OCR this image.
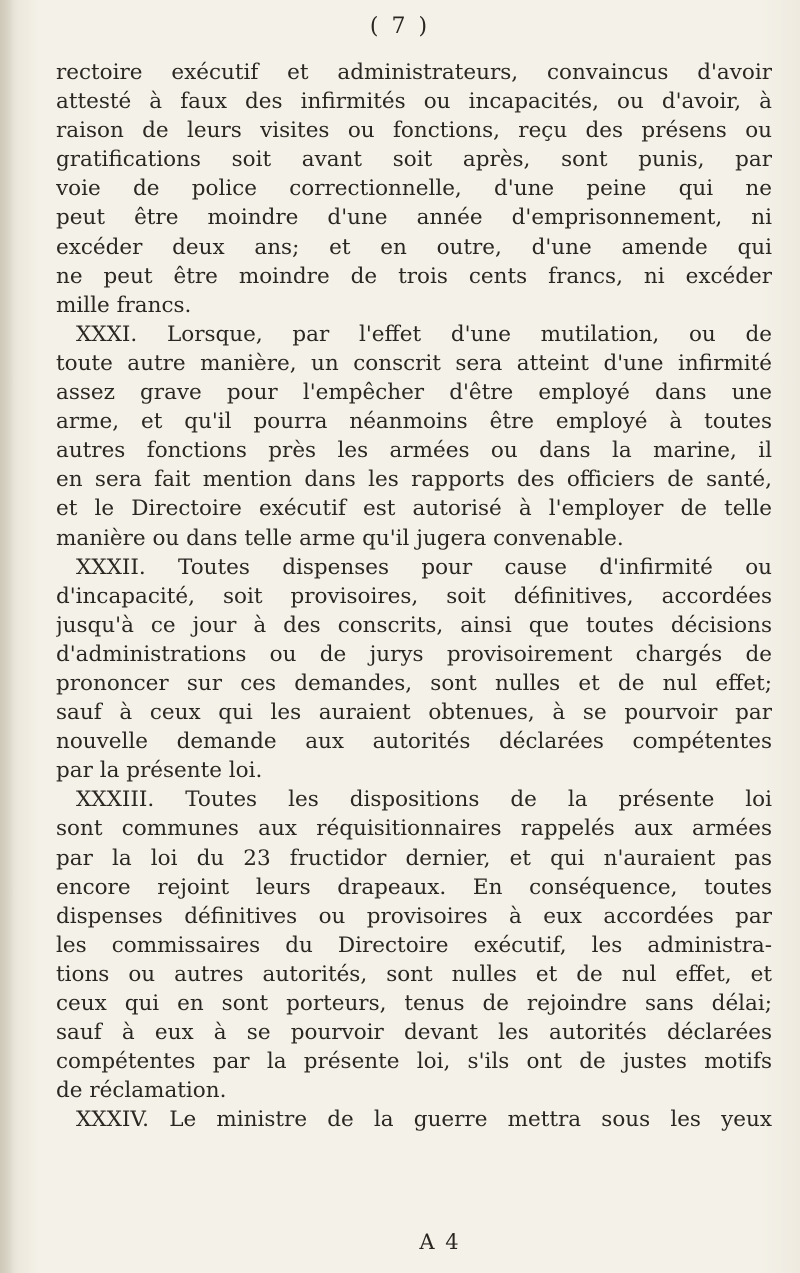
( 7 )
rectoire exécutif et administrateurs, convaincus d'avoir
attesté à faux des infirmités ou incapacités, ou d'avoir, à
raison de leurs visites ou fonctions, reçu des présens ou
gratifications soit avant soit après, sont punis, par
voie de police correctionnelle, d'une peine qui ne
peut être moindre d'une année d'emprisonnement, ni
excéder deux ans; et en outre, d'une amende qui
ne peut être moindre de trois cents francs, ni excéder
mille francs.
XXXI. Lorsque, par l'effet d'une mutilation, ou de
toute autre manière, un conscrit sera atteint d'une infirmité
assez grave pour l'empêcher d'être employé dans une
arme, et qu'il pourra néanmoins être employé à toutes
autres fonctions près les armées ou dans la marine, il
en sera fait mention dans les rapports des officiers de santé,
et le Directoire exécutif est autorisé à l'employer de telle
manière ou dans telle arme qu'il jugera convenable.
XXXII. Toutes dispenses pour cause d'infirmité ou
d'incapacité, soit provisoires, soit définitives, accordées
jusqu'à ce jour à des conscrits, ainsi que toutes décisions
d'administrations ou de jurys provisoirement chargés de
prononcer sur ces demandes, sont nulles et de nul effet;
sauf à ceux qui les auraient obtenues, à se pourvoir par
nouvelle demande aux autorités déclarées compétentes
par la présente loi.
XXXIII. Toutes les dispositions de la présente loi
sont communes aux réquisitionnaires rappelés aux armées
par la loi du 23 fructidor dernier, et qui n'auraient pas
encore rejoint leurs drapeaux. En conséquence, toutes
dispenses définitives ou provisoires à eux accordées par
les commissaires du Directoire exécutif, les administra-
tions ou autres autorités, sont nulles et de nul effet, et
ceux qui en sont porteurs, tenus de rejoindre sans délai;
sauf à eux à se pourvoir devant les autorités déclarées
compétentes par la présente loi, s'ils ont de justes motifs
de réclamation.
XXXIV. Le ministre de la guerre mettra sous les yeux
A 4
